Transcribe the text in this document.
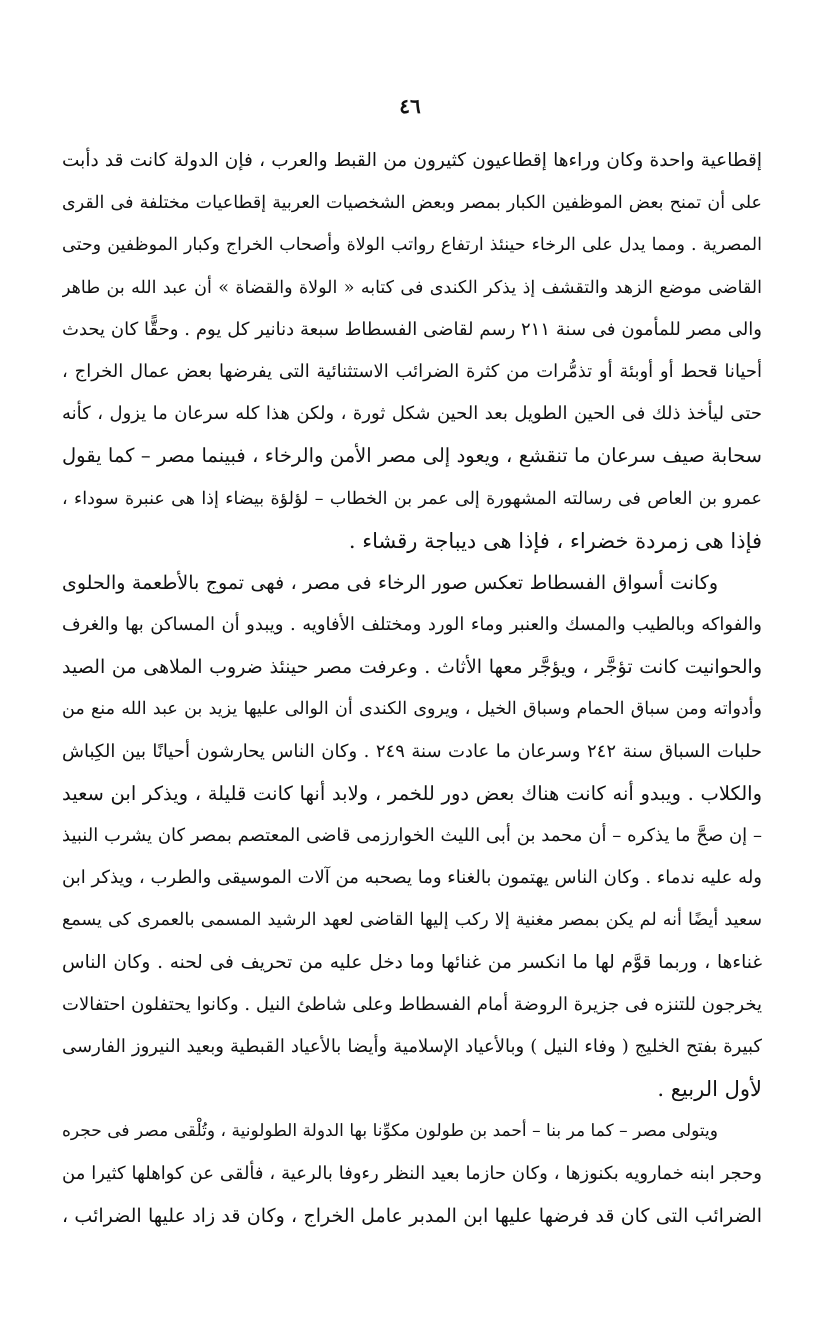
٤٦
إقطاعية واحدة وكان وراءها إقطاعيون كثيرون من القبط والعرب ، فإن الدولة كانت قد دأبت
على أن تمنح بعض الموظفين الكبار بمصر وبعض الشخصيات العربية إقطاعيات مختلفة فى القرى
المصرية . ومما يدل على الرخاء حينئذ ارتفاع رواتب الولاة وأصحاب الخراج وكبار الموظفين وحتى
القاضى موضع الزهد والتقشف إذ يذكر الكندى فى كتابه « الولاة والقضاة » أن عبد الله بن طاهر
والى مصر للمأمون فى سنة ٢١١ رسم لقاضى الفسطاط سبعة دنانير كل يوم . وحقًّا كان يحدث
أحيانا قحط أو أوبئة أو تذمُّرات من كثرة الضرائب الاستثنائية التى يفرضها بعض عمال الخراج ،
حتى ليأخذ ذلك فى الحين الطويل بعد الحين شكل ثورة ، ولكن هذا كله سرعان ما يزول ، كأنه
سحابة صيف سرعان ما تنقشع ، ويعود إلى مصر الأمن والرخاء ، فبينما مصر – كما يقول
عمرو بن العاص فى رسالته المشهورة إلى عمر بن الخطاب – لؤلؤة بيضاء إذا هى عنبرة سوداء ،
فإذا هى زمردة خضراء ، فإذا هى ديباجة رقشاء .
وكانت أسواق الفسطاط تعكس صور الرخاء فى مصر ، فهى تموج بالأطعمة والحلوى
والفواكه وبالطيب والمسك والعنبر وماء الورد ومختلف الأفاويه . ويبدو أن المساكن بها والغرف
والحوانيت كانت تؤجَّر ، ويؤجَّر معها الأثاث . وعرفت مصر حينئذ ضروب الملاهى من الصيد
وأدواته ومن سباق الحمام وسباق الخيل ، ويروى الكندى أن الوالى عليها يزيد بن عبد الله منع من
حلبات السباق سنة ٢٤٢ وسرعان ما عادت سنة ٢٤٩ . وكان الناس يحارشون أحيانًا بين الكِباش
والكلاب . ويبدو أنه كانت هناك بعض دور للخمر ، ولابد أنها كانت قليلة ، ويذكر ابن سعيد
– إن صحَّ ما يذكره – أن محمد بن أبى الليث الخوارزمى قاضى المعتصم بمصر كان يشرب النبيذ
وله عليه ندماء . وكان الناس يهتمون بالغناء وما يصحبه من آلات الموسيقى والطرب ، ويذكر ابن
سعيد أيضًا أنه لم يكن بمصر مغنية إلا ركب إليها القاضى لعهد الرشيد المسمى بالعمرى كى يسمع
غناءها ، وربما قوَّم لها ما انكسر من غنائها وما دخل عليه من تحريف فى لحنه . وكان الناس
يخرجون للتنزه فى جزيرة الروضة أمام الفسطاط وعلى شاطئ النيل . وكانوا يحتفلون احتفالات
كبيرة بفتح الخليج ( وفاء النيل ) وبالأعياد الإسلامية وأيضا بالأعياد القبطية وبعيد النيروز الفارسى
لأول الربيع .
ويتولى مصر – كما مر بنا – أحمد بن طولون مكوِّنا بها الدولة الطولونية ، وتُلْقى مصر فى حجره
وحجر ابنه خمارويه بكنوزها ، وكان حازما بعيد النظر رءوفا بالرعية ، فألقى عن كواهلها كثيرا من
الضرائب التى كان قد فرضها عليها ابن المدبر عامل الخراج ، وكان قد زاد عليها الضرائب ،
